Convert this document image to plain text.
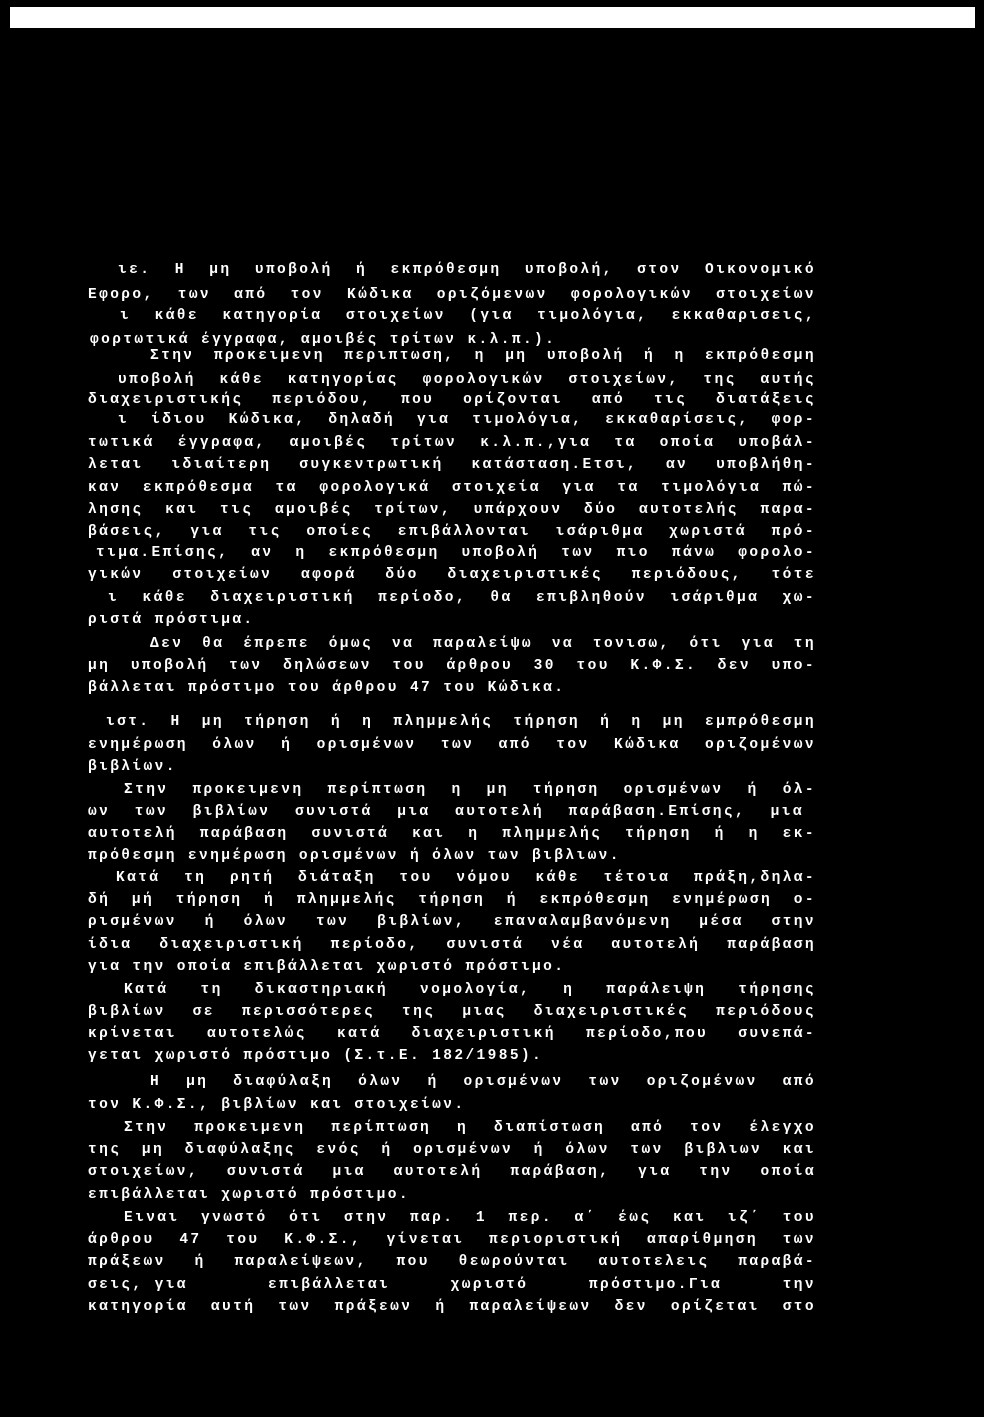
ιε. Η μη υποβολή ή εκπρόθεσμη υποβολή, στον Οικονομικό
Εφορο, των από τον Κώδικα οριζόμενων φορολογικών στοιχείων
ι κάθε κατηγορία στοιχείων (για τιμολόγια, εκκαθαρισεις,
φορτωτικά έγγραφα, αμοιβές τρίτων κ.λ.π.).
Στην προκειμενη περιπτωση, η μη υποβολή ή η εκπρόθεσμη
υποβολή κάθε κατηγορίας φορολογικών στοιχείων, της αυτής
διαχειριστικής περιόδου, που ορίζονται από τις διατάξεις
ι ίδιου Κώδικα, δηλαδή για τιμολόγια, εκκαθαρίσεις, φορ-
τωτικά έγγραφα, αμοιβές τρίτων κ.λ.π.,για τα οποία υποβάλ-
λεται ιδιαίτερη συγκεντρωτική κατάσταση.Ετσι, αν υποβλήθη-
καν εκπρόθεσμα τα φορολογικά στοιχεία για τα τιμολόγια πώ-
λησης και τις αμοιβές τρίτων, υπάρχουν δύο αυτοτελής παρα-
βάσεις, για τις οποίες επιβάλλονται ισάριθμα χωριστά πρό-
τιμα.Επίσης, αν η εκπρόθεσμη υποβολή των πιο πάνω φορολο-
γικών στοιχείων αφορά δύο διαχειριστικές περιόδους, τότε
ι κάθε διαχειριστική περίοδο, θα επιβληθούν ισάριθμα χω-
ριστά πρόστιμα.
Δεν θα έπρεπε όμως να παραλείψω να τονισω, ότι για τη
μη υποβολή των δηλώσεων του άρθρου 30 του Κ.Φ.Σ. δεν υπο-
βάλλεται πρόστιμο του άρθρου 47 του Κώδικα.
ιστ. Η μη τήρηση ή η πλημμελής τήρηση ή η μη εμπρόθεσμη
ενημέρωση όλων ή ορισμένων των από τον Κώδικα οριζομένων
βιβλίων.
Στην προκειμενη περίπτωση η μη τήρηση ορισμένων ή όλ-
ων των βιβλίων συνιστά μια αυτοτελή παράβαση.Επίσης, μια
αυτοτελή παράβαση συνιστά και η πλημμελής τήρηση ή η εκ-
πρόθεσμη ενημέρωση ορισμένων ή όλων των βιβλιων.
Κατά τη ρητή διάταξη του νόμου κάθε τέτοια πράξη,δηλα-
δή μή τήρηση ή πλημμελής τήρηση ή εκπρόθεσμη ενημέρωση ο-
ρισμένων ή όλων των βιβλίων, επαναλαμβανόμενη μέσα στην
ίδια διαχειριστική περίοδο, συνιστά νέα αυτοτελή παράβαση
για την οποία επιβάλλεται χωριστό πρόστιμο.
Κατά τη δικαστηριακή νομολογία, η παράλειψη τήρησης
βιβλίων σε περισσότερες της μιας διαχειριστικές περιόδους
κρίνεται αυτοτελώς κατά διαχειριστική περίοδο,που συνεπά-
γεται χωριστό πρόστιμο (Σ.τ.Ε. 182/1985).
Η μη διαφύλαξη όλων ή ορισμένων των οριζομένων από
τον Κ.Φ.Σ., βιβλίων και στοιχείων.
Στην προκειμενη περίπτωση η διαπίστωση από τον έλεγχο
της μη διαφύλαξης ενός ή ορισμένων ή όλων των βιβλιων και
στοιχείων, συνιστά μια αυτοτελή παράβαση, για την οποία
επιβάλλεται χωριστό πρόστιμο.
Ειναι γνωστό ότι στην παρ. 1 περ. α΄ έως και ιζ΄ του
άρθρου 47 του Κ.Φ.Σ., γίνεται περιοριστική απαρίθμηση των
πράξεων ή παραλείψεων, που θεωρούνται αυτοτελεις παραβά-
σεις, για	επιβάλλεται χωριστό πρόστιμο.Για την
κατηγορία αυτή των πράξεων ή παραλείψεων δεν ορίζεται στο
